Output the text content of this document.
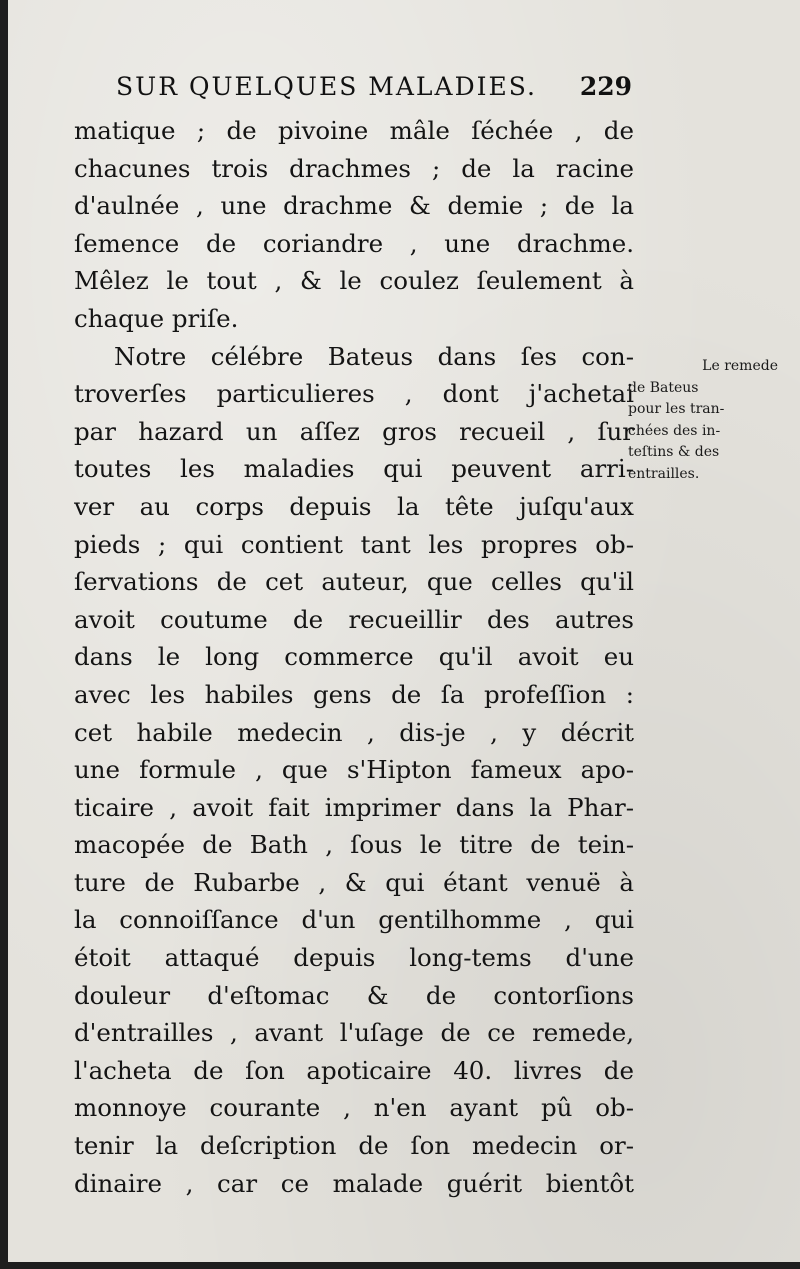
SUR QUELQUES MALADIES. 229
matique ; de pivoine mâle ſéchée , de
chacunes trois drachmes ; de la racine
d'aulnée , une drachme & demie ; de la
ſemence de coriandre , une drachme.
Mêlez le tout , & le coulez ſeulement à
chaque priſe.
Notre célébre Bateus dans ſes con-
troverſes particulieres , dont j'achetai
par hazard un aſſez gros recueil , ſur
toutes les maladies qui peuvent arri-
ver au corps depuis la tête juſqu'aux
pieds ; qui contient tant les propres ob-
ſervations de cet auteur, que celles qu'il
avoit coutume de recueillir des autres
dans le long commerce qu'il avoit eu
avec les habiles gens de ſa profeſſion :
cet habile medecin , dis-je , y décrit
une formule , que s'Hipton fameux apo-
ticaire , avoit fait imprimer dans la Phar-
macopée de Bath , ſous le titre de tein-
ture de Rubarbe , & qui étant venuë à
la connoiſſance d'un gentilhomme , qui
étoit attaqué depuis long-tems d'une
douleur d'eſtomac & de contorſions
d'entrailles , avant l'uſage de ce remede,
l'acheta de ſon apoticaire 40. livres de
monnoye courante , n'en ayant pû ob-
tenir la deſcription de ſon medecin or-
dinaire , car ce malade guérit bientôt
Le remede
de Bateus
pour les tran-
chées des in-
teſtins & des
entrailles.
